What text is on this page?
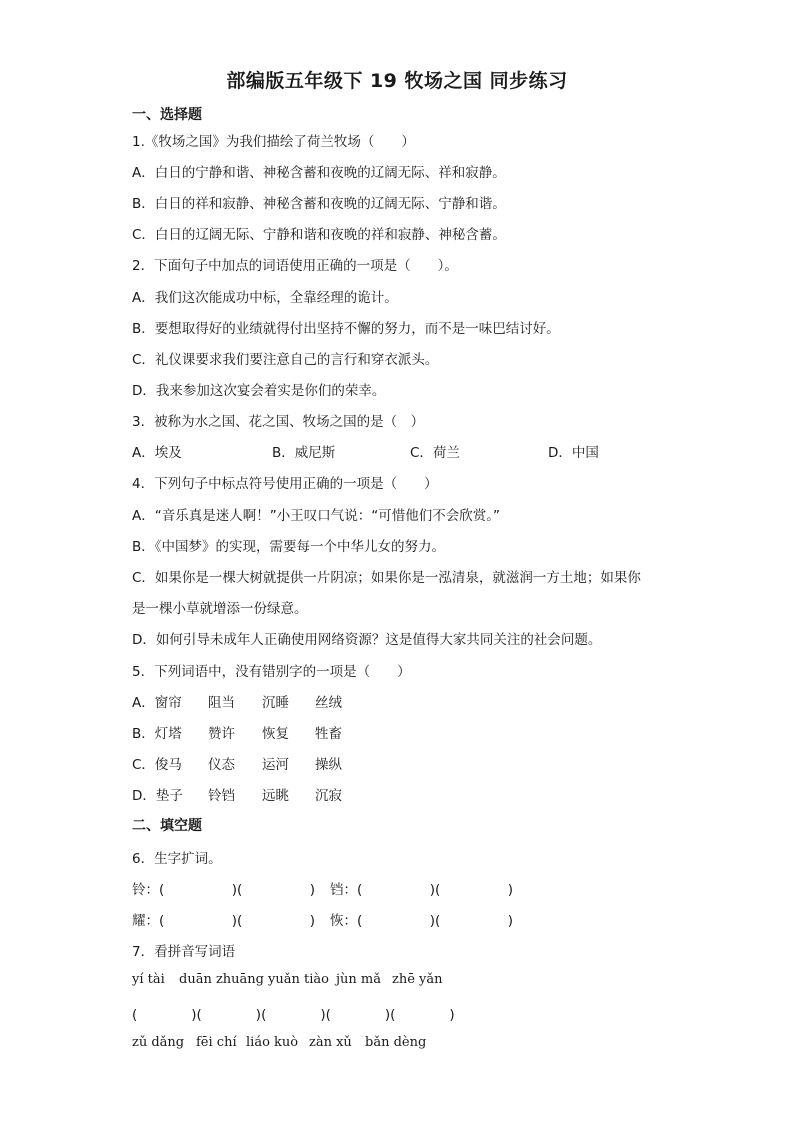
部编版五年级下 19 牧场之国 同步练习
一、选择题
1.《牧场之国》为我们描绘了荷兰牧场（　　）
A．白日的宁静和谐、神秘含蓄和夜晚的辽阔无际、祥和寂静。
B．白日的祥和寂静、神秘含蓄和夜晚的辽阔无际、宁静和谐。
C．白日的辽阔无际、宁静和谐和夜晚的祥和寂静、神秘含蓄。
2．下面句子中加点的词语使用正确的一项是（　　）。
A．我们这次能成功中标，全靠经理的诡计。
B．要想取得好的业绩就得付出坚持不懈的努力，而不是一味巴结讨好。
C．礼仪课要求我们要注意自己的言行和穿衣派头。
D．我来参加这次宴会着实是你们的荣幸。
3．被称为水之国、花之国、牧场之国的是（　）
A．埃及	B．威尼斯	C．荷兰	D．中国
4．下列句子中标点符号使用正确的一项是（　　）
A．“音乐真是迷人啊！”小王叹口气说：“可惜他们不会欣赏。”
B．《中国梦》的实现，需要每一个中华儿女的努力。
C．如果你是一棵大树就提供一片阴凉；如果你是一泓清泉，就滋润一方土地；如果你
是一棵小草就增添一份绿意。
D．如何引导未成年人正确使用网络资源？这是值得大家共同关注的社会问题。
5．下列词语中，没有错别字的一项是（　　）
A．窗帘 阻当 沉睡 丝绒
B．灯塔 赞许 恢复 牲畜
C．俊马 仪态 运河 操纵
D．垫子 铃铛 远眺 沉寂
二、填空题
6．生字扩词。
铃：(　　　　　)(　　　　　) 铛：(　　　　　)(　　　　　)
耀：(　　　　　)(　　　　　) 恢：(　　　　　)(　　　　　)
7．看拼音写词语
yí tài duān zhuāng yuǎn tiào jùn mǎ zhē yǎn
(　　　　)(　　　　)(　　　　)(　　　　)(　　　　)
zǔ dǎng fēi chí liáo kuò zàn xǔ bǎn dèng
